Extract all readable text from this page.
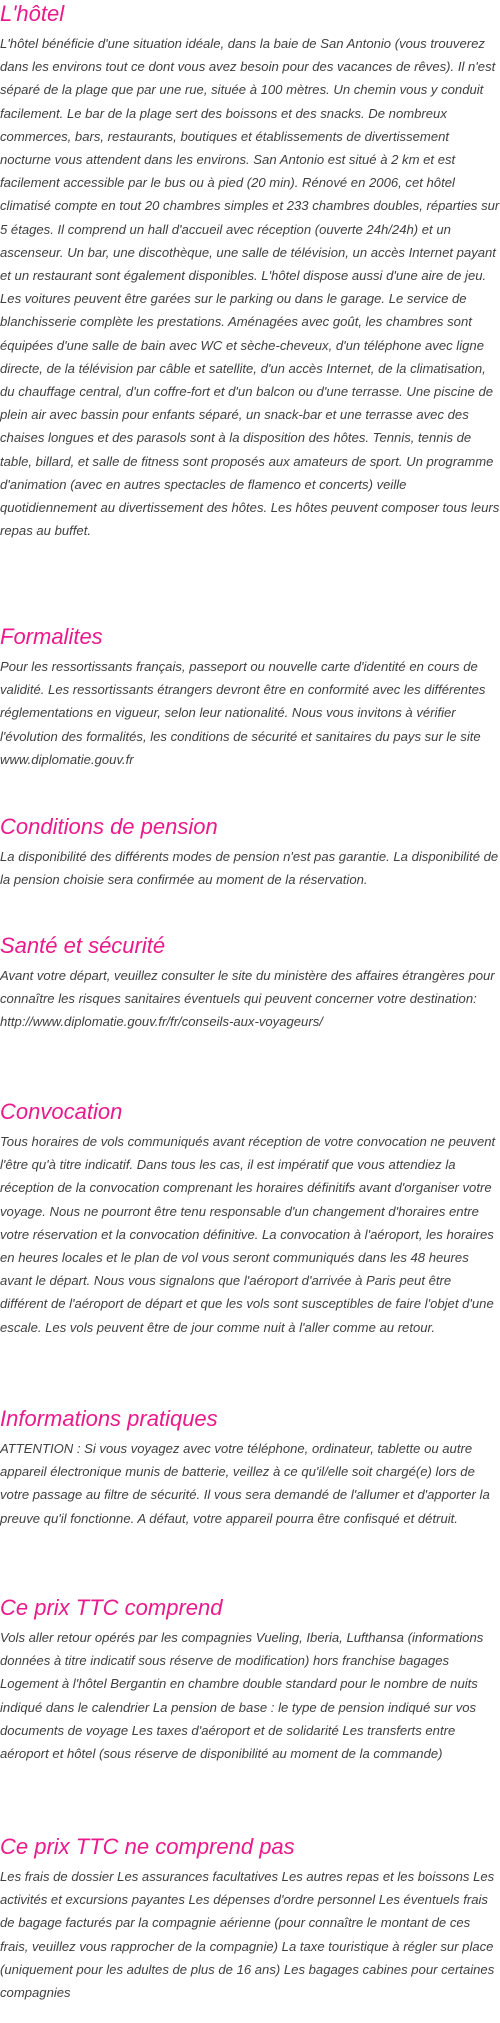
L'hôtel

L'hôtel bénéficie d'une situation idéale, dans la baie de San Antonio (vous trouverez dans les environs tout ce dont vous avez besoin pour des vacances de rêves). Il n'est séparé de la plage que par une rue, située à 100 mètres. Un chemin vous y conduit facilement. Le bar de la plage sert des boissons et des snacks. De nombreux commerces, bars, restaurants, boutiques et établissements de divertissement nocturne vous attendent dans les environs. San Antonio est situé à 2 km et est facilement accessible par le bus ou à pied (20 min). Rénové en 2006, cet hôtel climatisé compte en tout 20 chambres simples et 233 chambres doubles, réparties sur 5 étages. Il comprend un hall d'accueil avec réception (ouverte 24h/24h) et un ascenseur. Un bar, une discothèque, une salle de télévision, un accès Internet payant et un restaurant sont également disponibles. L'hôtel dispose aussi d'une aire de jeu. Les voitures peuvent être garées sur le parking ou dans le garage. Le service de blanchisserie complète les prestations. Aménagées avec goût, les chambres sont équipées d'une salle de bain avec WC et sèche-cheveux, d'un téléphone avec ligne directe, de la télévision par câble et satellite, d'un accès Internet, de la climatisation, du chauffage central, d'un coffre-fort et d'un balcon ou d'une terrasse. Une piscine de plein air avec bassin pour enfants séparé, un snack-bar et une terrasse avec des chaises longues et des parasols sont à la disposition des hôtes. Tennis, tennis de table, billard, et salle de fitness sont proposés aux amateurs de sport. Un programme d'animation (avec en autres spectacles de flamenco et concerts) veille quotidiennement au divertissement des hôtes. Les hôtes peuvent composer tous leurs repas au buffet.

Formalites

Pour les ressortissants français, passeport ou nouvelle carte d'identité en cours de validité. Les ressortissants étrangers devront être en conformité avec les différentes réglementations en vigueur, selon leur nationalité. Nous vous invitons à vérifier l'évolution des formalités, les conditions de sécurité et sanitaires du pays sur le site www.diplomatie.gouv.fr

Conditions de pension

La disponibilité des différents modes de pension n'est pas garantie. La disponibilité de la pension choisie sera confirmée au moment de la réservation.

Santé et sécurité

Avant votre départ, veuillez consulter le site du ministère des affaires étrangères pour connaître les risques sanitaires éventuels qui peuvent concerner votre destination: http://www.diplomatie.gouv.fr/fr/conseils-aux-voyageurs/

Convocation

Tous horaires de vols communiqués avant réception de votre convocation ne peuvent l'être qu'à titre indicatif. Dans tous les cas, il est impératif que vous attendiez la réception de la convocation comprenant les horaires définitifs avant d'organiser votre voyage. Nous ne pourront être tenu responsable d'un changement d'horaires entre votre réservation et la convocation définitive. La convocation à l'aéroport, les horaires en heures locales et le plan de vol vous seront communiqués dans les 48 heures avant le départ. Nous vous signalons que l'aéroport d'arrivée à Paris peut être différent de l'aéroport de départ et que les vols sont susceptibles de faire l'objet d'une escale. Les vols peuvent être de jour comme nuit à l'aller comme au retour.

Informations pratiques

ATTENTION : Si vous voyagez avec votre téléphone, ordinateur, tablette ou autre appareil électronique munis de batterie, veillez à ce qu'il/elle soit chargé(e) lors de votre passage au filtre de sécurité. Il vous sera demandé de l'allumer et d'apporter la preuve qu'il fonctionne. A défaut, votre appareil pourra être confisqué et détruit.

Ce prix TTC comprend

Vols aller retour opérés par les compagnies Vueling, Iberia, Lufthansa (informations données à titre indicatif sous réserve de modification) hors franchise bagages Logement à l'hôtel Bergantin en chambre double standard pour le nombre de nuits indiqué dans le calendrier La pension de base : le type de pension indiqué sur vos documents de voyage Les taxes d'aéroport et de solidarité Les transferts entre aéroport et hôtel (sous réserve de disponibilité au moment de la commande)

Ce prix TTC ne comprend pas

Les frais de dossier Les assurances facultatives Les autres repas et les boissons Les activités et excursions payantes Les dépenses d'ordre personnel Les éventuels frais de bagage facturés par la compagnie aérienne (pour connaître le montant de ces frais, veuillez vous rapprocher de la compagnie) La taxe touristique à régler sur place (uniquement pour les adultes de plus de 16 ans) Les bagages cabines pour certaines compagnies
